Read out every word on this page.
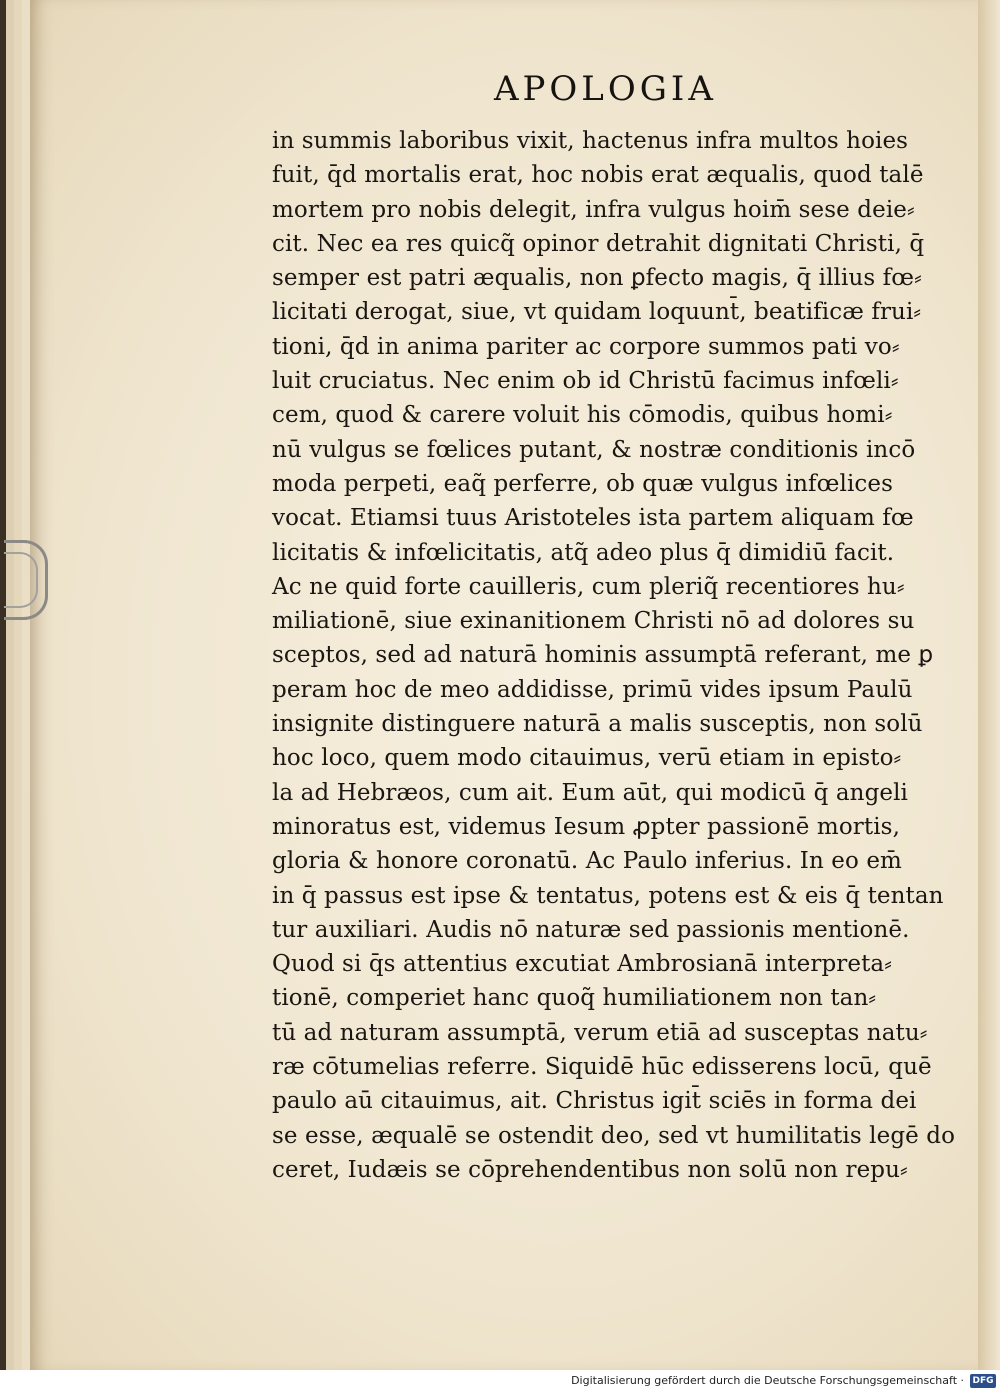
APOLOGIA
in summis laboribus vixit, hactenus infra multos hoies
fuit, q̄d mortalis erat, hoc nobis erat æqualis, quod talē
mortem pro nobis delegit, infra vulgus hoim̄ sese deie⸗
cit. Nec ea res quicq̃ opinor detrahit dignitati Christi, q̄
semper est patri æqualis, non ꝑfecto magis, q̄ illius fœ⸗
licitati derogat, siue, vt quidam loquunt̄, beatificæ frui⸗
tioni, q̄d in anima pariter ac corpore summos pati vo⸗
luit cruciatus. Nec enim ob id Christū facimus infœli⸗
cem, quod & carere voluit his cōmodis, quibus homi⸗
nū vulgus se fœlices putant, & nostræ conditionis incō
moda perpeti, eaq̃ perferre, ob quæ vulgus infœlices
vocat. Etiamsi tuus Aristoteles ista partem aliquam fœ
licitatis & infœlicitatis, atq̃ adeo plus q̄ dimidiū facit.
Ac ne quid forte cauilleris, cum pleriq̃ recentiores hu⸗
miliationē, siue exinanitionem Christi nō ad dolores su
sceptos, sed ad naturā hominis assumptā referant, me ꝑ
peram hoc de meo addidisse, primū vides ipsum Paulū
insignite distinguere naturā a malis susceptis, non solū
hoc loco, quem modo citauimus, verū etiam in episto⸗
la ad Hebræos, cum ait. Eum aūt, qui modicū q̄ angeli
minoratus est, videmus Iesum ꝓpter passionē mortis,
gloria & honore coronatū. Ac Paulo inferius. In eo em̄
in q̄ passus est ipse & tentatus, potens est & eis q̄ tentan
tur auxiliari. Audis nō naturæ sed passionis mentionē.
Quod si q̄s attentius excutiat Ambrosianā interpreta⸗
tionē, comperiet hanc quoq̃ humiliationem non tan⸗
tū ad naturam assumptā, verum etiā ad susceptas natu⸗
ræ cōtumelias referre. Siquidē hūc edisserens locū, quē
paulo aū citauimus, ait. Christus igit̄ sciēs in forma dei
se esse, æqualē se ostendit deo, sed vt humilitatis legē do
ceret, Iudæis se cōprehendentibus non solū non repu⸗
Digitalisierung gefördert durch die Deutsche Forschungsgemeinschaft · DFG
